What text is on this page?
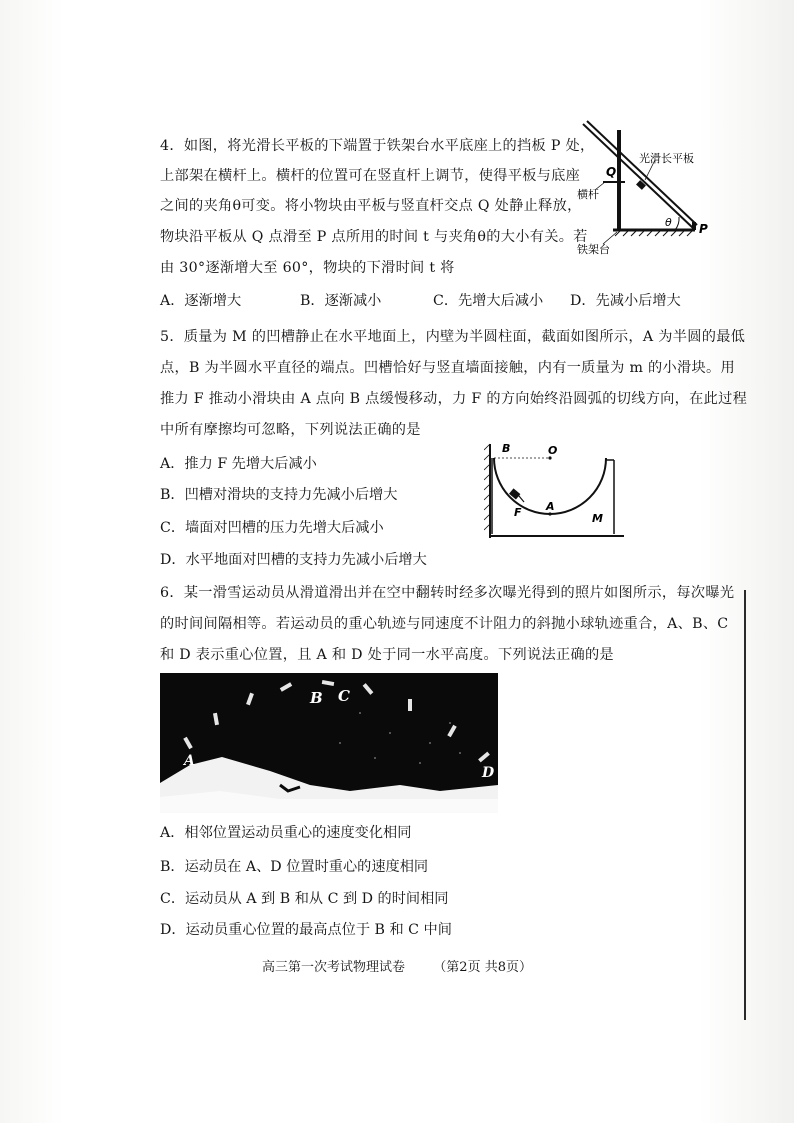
4．如图，将光滑长平板的下端置于铁架台水平底座上的挡板 P 处，
上部架在横杆上。横杆的位置可在竖直杆上调节，使得平板与底座
之间的夹角θ可变。将小物块由平板与竖直杆交点 Q 处静止释放，
物块沿平板从 Q 点滑至 P 点所用的时间 t 与夹角θ的大小有关。若
由 30°逐渐增大至 60°，物块的下滑时间 t 将
A．逐渐增大	B．逐渐减小	C．先增大后减小 D．先减小后增大
光滑长平板
横杆
铁架台
Q
P
θ
5．质量为 M 的凹槽静止在水平地面上，内壁为半圆柱面，截面如图所示，A 为半圆的最低
点，B 为半圆水平直径的端点。凹槽恰好与竖直墙面接触，内有一质量为 m 的小滑块。用
推力 F 推动小滑块由 A 点向 B 点缓慢移动，力 F 的方向始终沿圆弧的切线方向，在此过程
中所有摩擦均可忽略，下列说法正确的是
A．推力 F 先增大后减小
B．凹槽对滑块的支持力先减小后增大
C．墙面对凹槽的压力先增大后减小
D．水平地面对凹槽的支持力先减小后增大
B	O
A
F	M
6．某一滑雪运动员从滑道滑出并在空中翻转时经多次曝光得到的照片如图所示，每次曝光
的时间间隔相等。若运动员的重心轨迹与同速度不计阻力的斜抛小球轨迹重合，A、B、C
和 D 表示重心位置，且 A 和 D 处于同一水平高度。下列说法正确的是
A
B C
D
A．相邻位置运动员重心的速度变化相同
B．运动员在 A、D 位置时重心的速度相同
C．运动员从 A 到 B 和从 C 到 D 的时间相同
D．运动员重心位置的最高点位于 B 和 C 中间
高三第一次考试物理试卷 （第2页 共8页）
